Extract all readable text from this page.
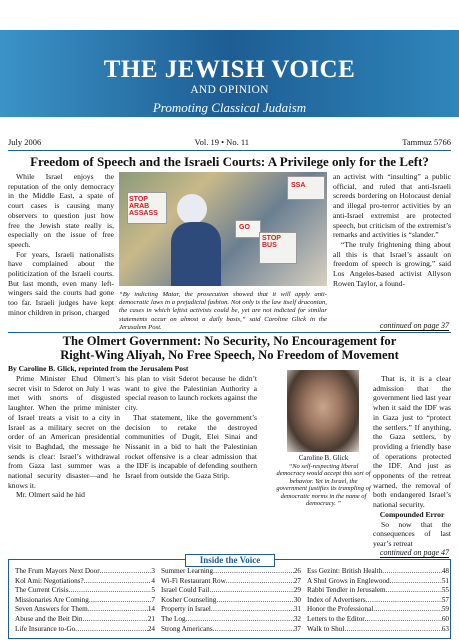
THE JEWISH VOICE
AND OPINION
Promoting Classical Judaism
July 2006	Vol. 19 • No. 11	Tammuz 5766
Freedom of Speech and the Israeli Courts: A Privilege only for the Left?

While Israel enjoys the reputation of the only democracy in the Middle East, a spate of court cases is causing many observers to question just how free the Jewish state really is, especially on the issue of free speech.

For years, Israeli nationalists have complained about the politicization of the Israeli courts. But last month, even many left-wingers said the courts had gone too far. Israeli judges have kept minor children in prison, charged

STOP ARAB ASSASS
GO
STOP BUS
SSA
“By indicting Matar, the prosecution showed that it will apply anti-democratic laws in a prejudicial fashion. Not only is the law itself draconian, the cases in which leftist activists could be, yet are not indicted for similar statements occur on almost a daily basis,” said Caroline Glick in the Jerusalem Post.

an activist with “insulting” a public official, and ruled that anti-Israeli screeds bordering on Holocaust denial and illegal pro-terror activities by an anti-Israel extremist are protected speech, but criticism of the extremist’s remarks and activities is “slander.”

“The truly frightening thing about all this is that Israel’s assault on freedom of speech is growing,” said Los Angeles-based activist Allyson Rowen Taylor, a found-

continued on page 37
The Olmert Government: No Security, No Encouragement for
Right-Wing Aliyah, No Free Speech, No Freedom of Movement
By Caroline B. Glick, reprinted from the Jerusalem Post

Prime Minister Ehud Olmert’s secret visit to Sderot on July 1 was met with snorts of disgusted laughter. When the prime minister of Israel treats a visit to a city in Israel as a military secret on the order of an American presidential visit to Baghdad, the message he sends is clear: Israel’s withdrawal from Gaza last summer was a national security disaster—and he knows it.

Mr. Olmert said he hid

his plan to visit Sderot because he didn’t want to give the Palestinian Authority a special reason to launch rockets against the city.

That statement, like the government’s decision to retake the destroyed communities of Dugit, Elei Sinai and Nissanit in a bid to halt the Palestinian rocket offensive is a clear admission that the IDF is incapable of defending southern Israel from outside the Gaza Strip.

Caroline B. Glick
“No self-respecting liberal democracy would accept this sort of behavior. Yet in Israel, the government justifies its trampling of democratic norms in the name of democracy. ”

That is, it is a clear admission that the government lied last year when it said the IDF was in Gaza just to “protect the settlers.” If anything, the Gaza settlers, by providing a friendly base of operations protected the IDF. And just as opponents of the retreat warned, the removal of both endangered Israel’s national security.

Compounded Error

So now that the consequences of last year’s retreat

continued on page 47
The Frum Mayors Next Door .....	3
Kol Ami: Negotiations? .....	4
The Current Crisis .....	5
Missionaries Are Coming .....	7
Seven Answers for Them .....	14
Abuse and the Beit Din .....	21
Life Insurance to-Go .....	24
Summer Learning .....	26
Wi-Fi Restaurant Row .....	27
Israel Could Fail .....	29
Kosher Counseling .....	30
Property in Israel .....	31
The Log .....	32
Strong Americans .....	37
Ess Gezint: British Health .....	48
A Shul Grows in Englewood .....	51
Rabbi Tendler in Jerusalem .....	55
Index of Advertisers .....	57
Honor the Professional .....	59
Letters to the Editor .....	60
Walk to Shul .....	63
Inside the Voice
